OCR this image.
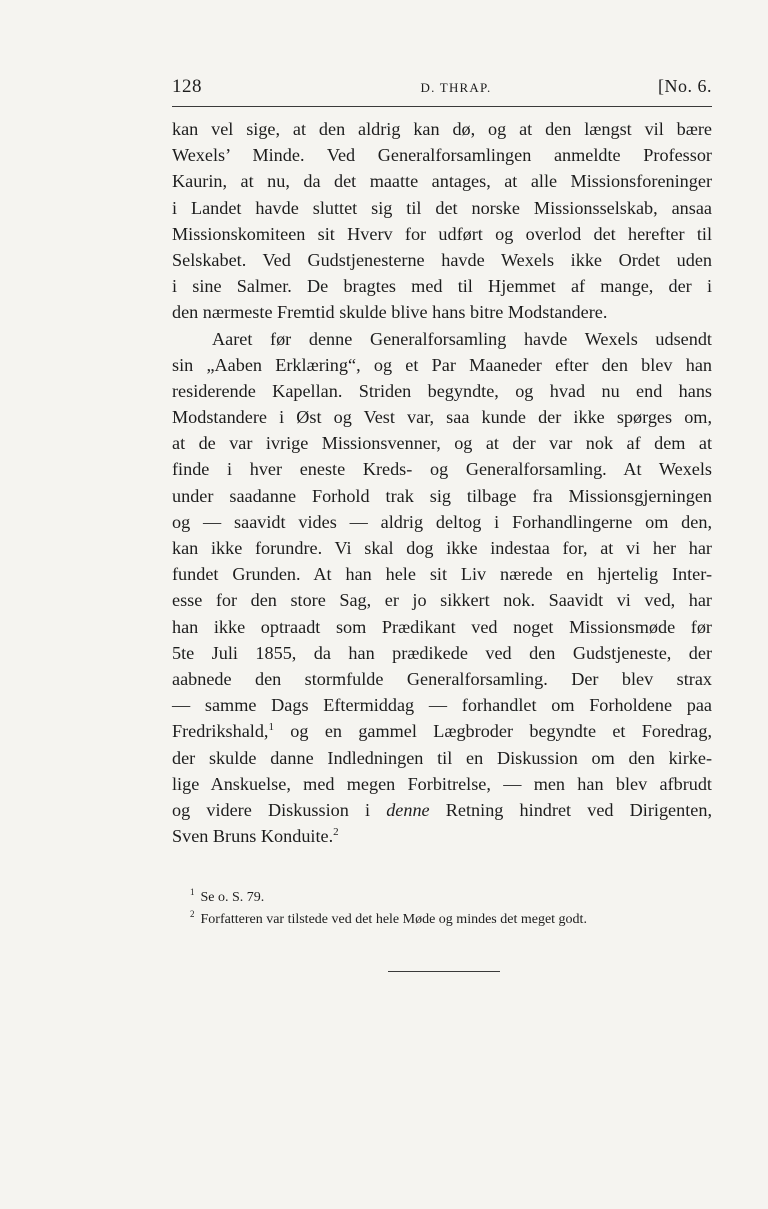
128	D. THRAP.	[No. 6.
kan vel sige, at den aldrig kan dø, og at den længst vil bære
Wexels’ Minde. Ved Generalforsamlingen anmeldte Professor
Kaurin, at nu, da det maatte antages, at alle Missionsforeninger
i Landet havde sluttet sig til det norske Missionsselskab, ansaa
Missionskomiteen sit Hverv for udført og overlod det herefter til
Selskabet. Ved Gudstjenesterne havde Wexels ikke Ordet uden
i sine Salmer. De bragtes med til Hjemmet af mange, der i
den nærmeste Fremtid skulde blive hans bitre Modstandere.
Aaret før denne Generalforsamling havde Wexels udsendt
sin „Aaben Erklæring“, og et Par Maaneder efter den blev han
residerende Kapellan. Striden begyndte, og hvad nu end hans
Modstandere i Øst og Vest var, saa kunde der ikke spørges om,
at de var ivrige Missionsvenner, og at der var nok af dem at
finde i hver eneste Kreds- og Generalforsamling. At Wexels
under saadanne Forhold trak sig tilbage fra Missionsgjerningen
og — saavidt vides — aldrig deltog i Forhandlingerne om den,
kan ikke forundre. Vi skal dog ikke indestaa for, at vi her har
fundet Grunden. At han hele sit Liv nærede en hjertelig Inter-
esse for den store Sag, er jo sikkert nok. Saavidt vi ved, har
han ikke optraadt som Prædikant ved noget Missionsmøde før
5te Juli 1855, da han prædikede ved den Gudstjeneste, der
aabnede den stormfulde Generalforsamling. Der blev strax
— samme Dags Eftermiddag — forhandlet om Forholdene paa
Fredrikshald,$^1$ og en gammel Lægbroder begyndte et Foredrag,
der skulde danne Indledningen til en Diskussion om den kirke-
lige Anskuelse, med megen Forbitrelse, — men han blev afbrudt
og videre Diskussion i denne Retning hindret ved Dirigenten,
Sven Bruns Konduite.$^2$
$^1$ Se o. S. 79.
$^2$ Forfatteren var tilstede ved det hele Møde og mindes det meget godt.
